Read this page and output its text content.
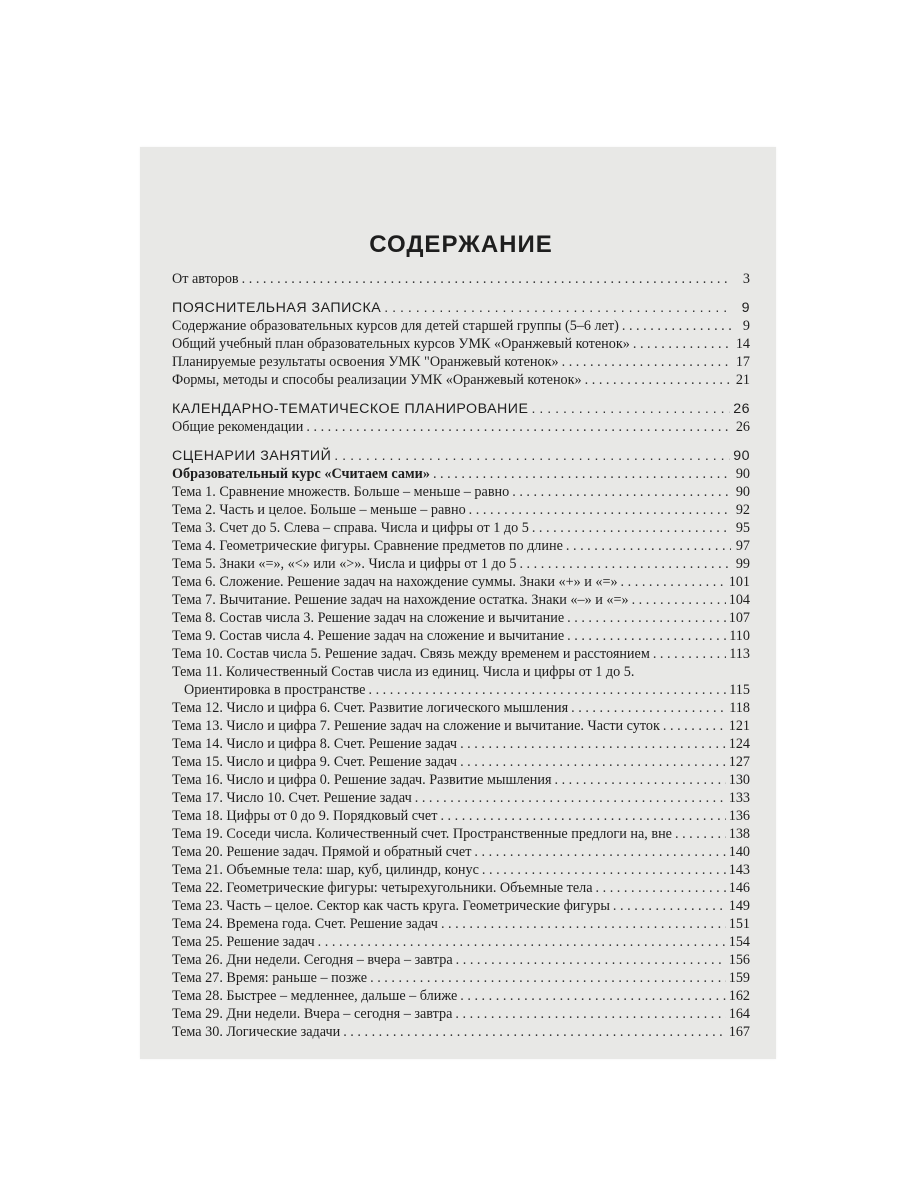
СОДЕРЖАНИЕ
От авторов . . .	3
ПОЯСНИТЕЛЬНАЯ ЗАПИСКА . . .	9
Содержание образовательных курсов для детей старшей группы (5–6 лет) . . .	9
Общий учебный план образовательных курсов УМК «Оранжевый котенок» . . .	14
Планируемые результаты освоения УМК "Оранжевый котенок» . . .	17
Формы, методы и способы реализации УМК «Оранжевый котенок» . . .	21
КАЛЕНДАРНО-ТЕМАТИЧЕСКОЕ ПЛАНИРОВАНИЕ . . .	26
Общие рекомендации . . .	26
СЦЕНАРИИ ЗАНЯТИЙ . . .	90
Образовательный курс «Считаем сами» . . .	90
Тема 1. Сравнение множеств. Больше – меньше – равно . . .	90
Тема 2. Часть и целое. Больше – меньше – равно . . .	92
Тема 3. Счет до 5. Слева – справа. Числа и цифры от 1 до 5 . . .	95
Тема 4. Геометрические фигуры. Сравнение предметов по длине . . .	97
Тема 5. Знаки «=», «<» или «>». Числа и цифры от 1 до 5 . . .	99
Тема 6. Сложение. Решение задач на нахождение суммы. Знаки «+» и «=» . . .	101
Тема 7. Вычитание. Решение задач на нахождение остатка. Знаки «–» и «=» . . .	104
Тема 8. Состав числа 3. Решение задач на сложение и вычитание . . .	107
Тема 9. Состав числа 4. Решение задач на сложение и вычитание . . .	110
Тема 10. Состав числа 5. Решение задач. Связь между временем и расстоянием . . .	113
Тема 11. Количественный Состав числа из единиц. Числа и цифры от 1 до 5.
Ориентировка в пространстве . . .	115
Тема 12. Число и цифра 6. Счет. Развитие логического мышления . . .	118
Тема 13. Число и цифра 7. Решение задач на сложение и вычитание. Части суток . . .	121
Тема 14. Число и цифра 8. Счет. Решение задач . . .	124
Тема 15. Число и цифра 9. Счет. Решение задач . . .	127
Тема 16. Число и цифра 0. Решение задач. Развитие мышления . . .	130
Тема 17. Число 10. Счет. Решение задач . . .	133
Тема 18. Цифры от 0 до 9. Порядковый счет . . .	136
Тема 19. Соседи числа. Количественный счет. Пространственные предлоги на, вне . . .	138
Тема 20. Решение задач. Прямой и обратный счет . . .	140
Тема 21. Объемные тела: шар, куб, цилиндр, конус . . .	143
Тема 22. Геометрические фигуры: четырехугольники. Объемные тела . . .	146
Тема 23. Часть – целое. Сектор как часть круга. Геометрические фигуры . . .	149
Тема 24. Времена года. Счет. Решение задач . . .	151
Тема 25. Решение задач . . .	154
Тема 26. Дни недели. Сегодня – вчера – завтра . . .	156
Тема 27. Время: раньше – позже . . .	159
Тема 28. Быстрее – медленнее, дальше – ближе . . .	162
Тема 29. Дни недели. Вчера – сегодня – завтра . . .	164
Тема 30. Логические задачи . . .	167
